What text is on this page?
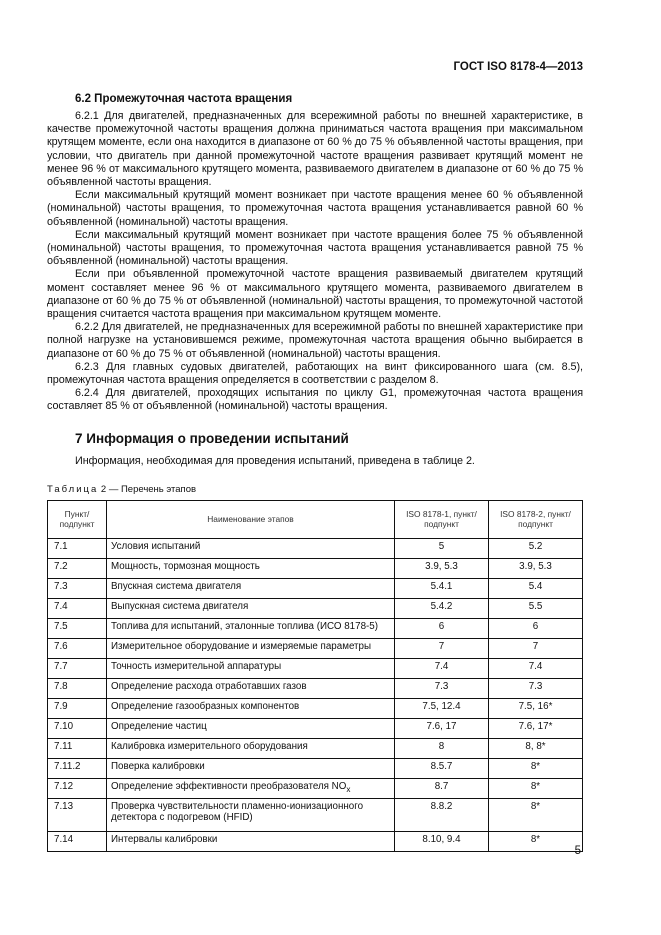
ГОСТ ISO 8178-4—2013
6.2 Промежуточная частота вращения

6.2.1 Для двигателей, предназначенных для всережимной работы по внешней характеристике, в качестве промежуточной частоты вращения должна приниматься частота вращения при максимальном крутящем моменте, если она находится в диапазоне от 60 % до 75 % объявленной частоты вращения, при условии, что двигатель при данной промежуточной частоте вращения развивает крутящий момент не менее 96 % от максимального крутящего момента, развиваемого двигателем в диапазоне от 60 % до 75 % объявленной частоты вращения.

Если максимальный крутящий момент возникает при частоте вращения менее 60 % объявленной (номинальной) частоты вращения, то промежуточная частота вращения устанавливается равной 60 % объявленной (номинальной) частоты вращения.

Если максимальный крутящий момент возникает при частоте вращения более 75 % объявленной (номинальной) частоты вращения, то промежуточная частота вращения устанавливается равной 75 % объявленной (номинальной) частоты вращения.

Если при объявленной промежуточной частоте вращения развиваемый двигателем крутящий момент составляет менее 96 % от максимального крутящего момента, развиваемого двигателем в диапазоне от 60 % до 75 % от объявленной (номинальной) частоты вращения, то промежуточной частотой вращения считается частота вращения при максимальном крутящем моменте.

6.2.2 Для двигателей, не предназначенных для всережимной работы по внешней характеристике при полной нагрузке на установившемся режиме, промежуточная частота вращения обычно выбирается в диапазоне от 60 % до 75 % от объявленной (номинальной) частоты вращения.

6.2.3 Для главных судовых двигателей, работающих на винт фиксированного шага (см. 8.5), промежуточная частота вращения определяется в соответствии с разделом 8.

6.2.4 Для двигателей, проходящих испытания по циклу G1, промежуточная частота вращения составляет 85 % от объявленной (номинальной) частоты вращения.

7 Информация о проведении испытаний

Информация, необходимая для проведения испытаний, приведена в таблице 2.

Таблица 2 — Перечень этапов
Пункт/ подпункт	Наименование этапов	ISO 8178-1, пункт/подпункт	ISO 8178-2, пункт/подпункт
7.1	Условия испытаний	5	5.2
7.2	Мощность, тормозная мощность	3.9, 5.3	3.9, 5.3
7.3	Впускная система двигателя	5.4.1	5.4
7.4	Выпускная система двигателя	5.4.2	5.5
7.5	Топлива для испытаний, эталонные топлива (ИСО 8178-5)	6	6
7.6	Измерительное оборудование и измеряемые параметры	7	7
7.7	Точность измерительной аппаратуры	7.4	7.4
7.8	Определение расхода отработавших газов	7.3	7.3
7.9	Определение газообразных компонентов	7.5, 12.4	7.5, 16*
7.10	Определение частиц	7.6, 17	7.6, 17*
7.11	Калибровка измерительного оборудования	8	8, 8*
7.11.2	Поверка калибровки	8.5.7	8*
7.12	Определение эффективности преобразователя $NO_x$	8.7	8*
7.13	Проверка чувствительности пламенно-ионизационного детектора с подогревом (HFID)	8.8.2	8*
7.14	Интервалы калибровки	8.10, 9.4	8*
5
